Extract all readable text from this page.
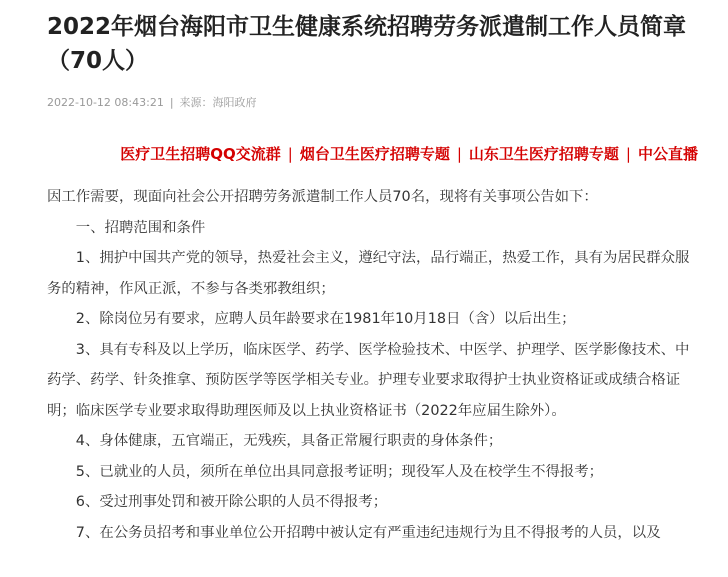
2022年烟台海阳市卫生健康系统招聘劳务派遣制工作人员简章（70人）
2022-10-12 08:43:21 | 来源：海阳政府
医疗卫生招聘QQ交流群 | 烟台卫生医疗招聘专题 | 山东卫生医疗招聘专题 | 中公直播

因工作需要，现面向社会公开招聘劳务派遣制工作人员70名，现将有关事项公告如下：

一、招聘范围和条件

1、拥护中国共产党的领导，热爱社会主义，遵纪守法，品行端正，热爱工作，具有为居民群众服务的精神，作风正派，不参与各类邪教组织；

2、除岗位另有要求，应聘人员年龄要求在1981年10月18日（含）以后出生；

3、具有专科及以上学历，临床医学、药学、医学检验技术、中医学、护理学、医学影像技术、中药学、药学、针灸推拿、预防医学等医学相关专业。护理专业要求取得护士执业资格证或成绩合格证明；临床医学专业要求取得助理医师及以上执业资格证书（2022年应届生除外）。

4、身体健康，五官端正，无残疾，具备正常履行职责的身体条件；

5、已就业的人员，须所在单位出具同意报考证明；现役军人及在校学生不得报考；

6、受过刑事处罚和被开除公职的人员不得报考；

7、在公务员招考和事业单位公开招聘中被认定有严重违纪违规行为且不得报考的人员，以及
